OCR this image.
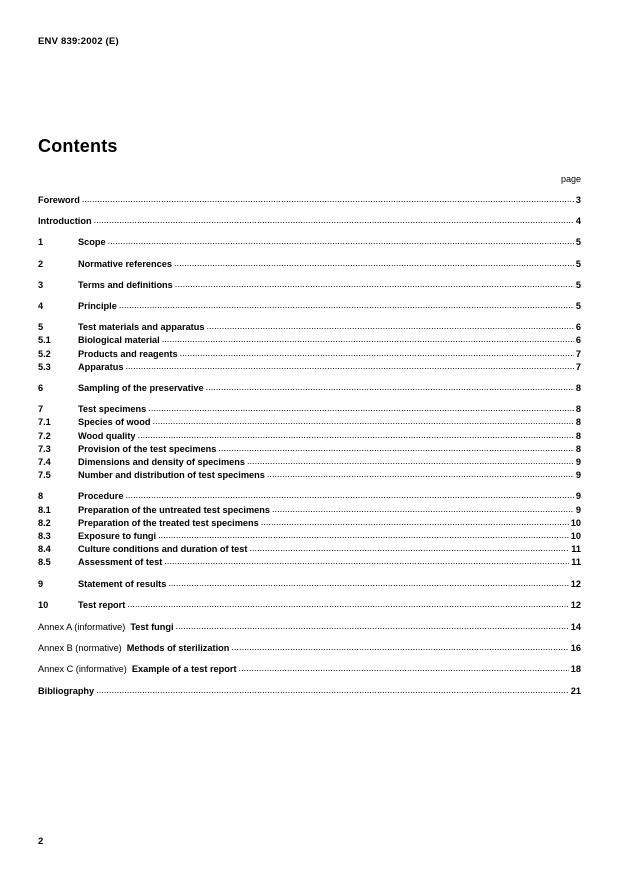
ENV 839:2002 (E)
Contents
page
Foreword .....	3
Introduction .....	4
1	Scope .....	5
2	Normative references .....	5
3	Terms and definitions .....	5
4	Principle .....	5
5	Test materials and apparatus .....	6
5.1	Biological material .....	6
5.2	Products and reagents .....	7
5.3	Apparatus .....	7
6	Sampling of the preservative .....	8
7	Test specimens .....	8
7.1	Species of wood .....	8
7.2	Wood quality .....	8
7.3	Provision of the test specimens .....	8
7.4	Dimensions and density of specimens .....	9
7.5	Number and distribution of test specimens .....	9
8	Procedure .....	9
8.1	Preparation of the untreated test specimens .....	9
8.2	Preparation of the treated test specimens .....	10
8.3	Exposure to fungi .....	10
8.4	Culture conditions and duration of test .....	11
8.5	Assessment of test .....	11
9	Statement of results .....	12
10	Test report .....	12
Annex A (informative) Test fungi .....	14
Annex B (normative) Methods of sterilization .....	16
Annex C (informative) Example of a test report .....	18
Bibliography .....	21
2
